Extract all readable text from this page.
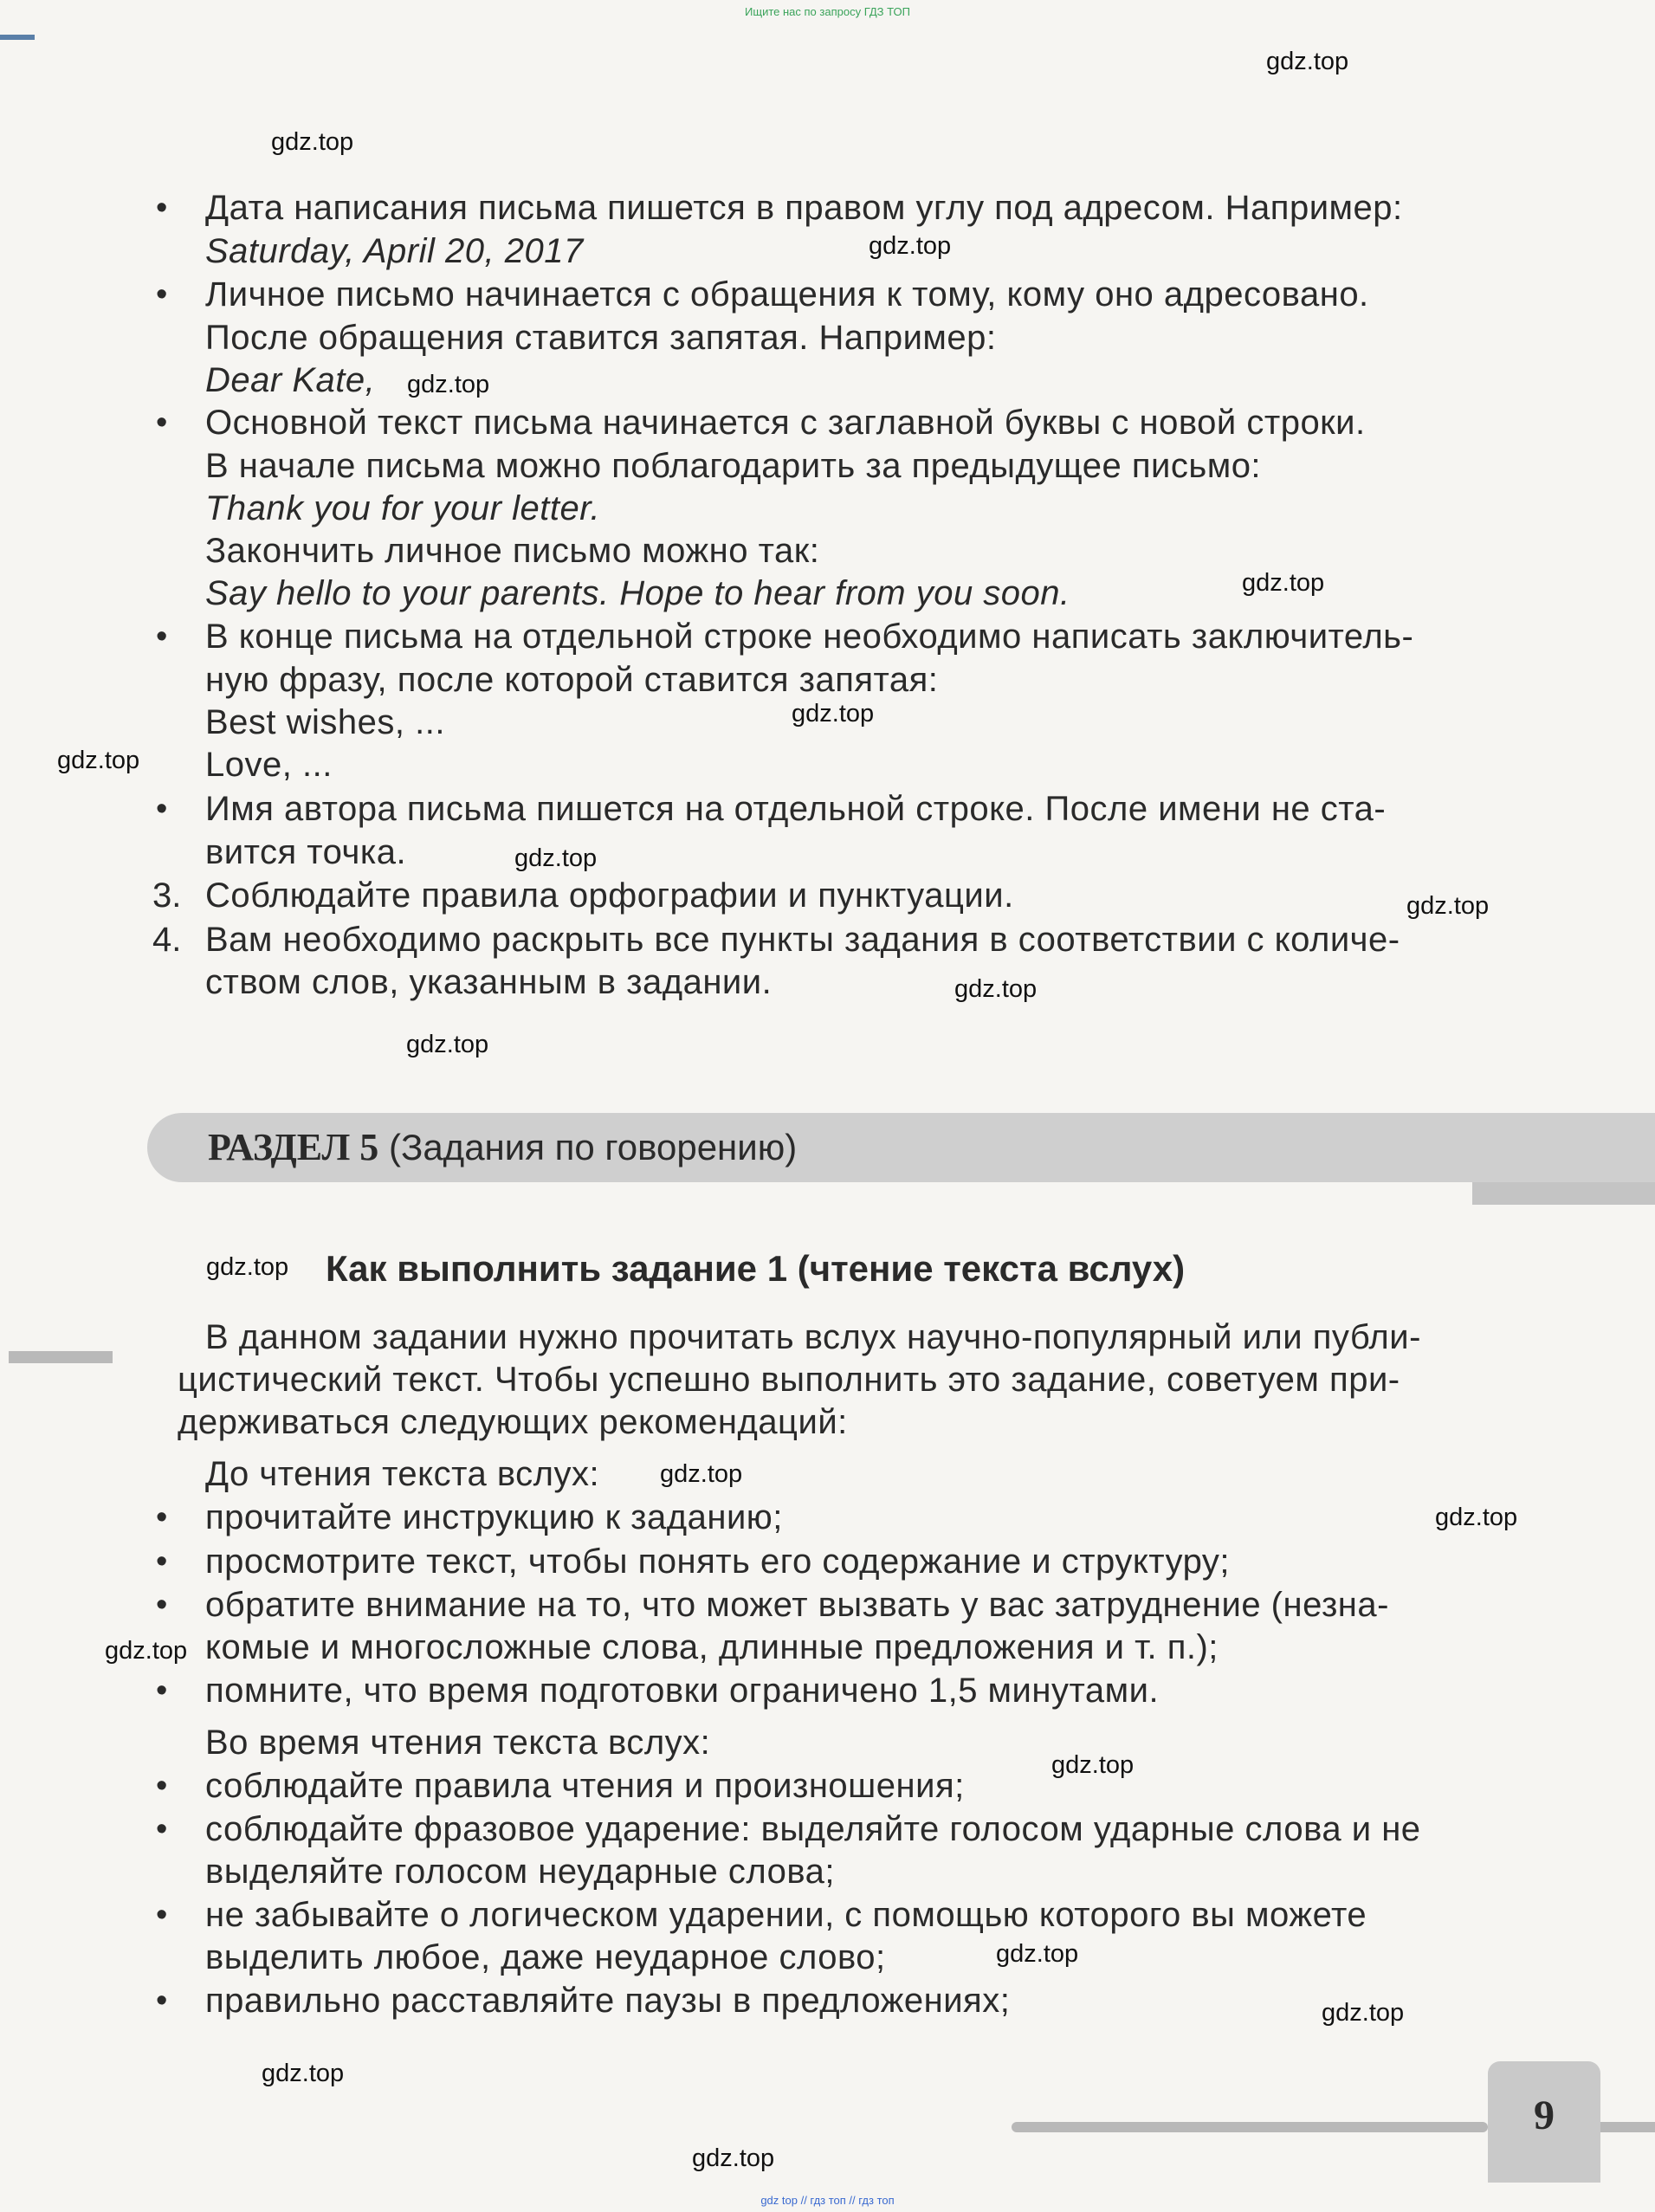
Ищите нас по запросу ГДЗ ТОП
gdz.top
gdz.top
gdz.top
gdz.top
gdz.top
gdz.top
gdz.top
gdz.top
gdz.top
gdz.top
gdz.top
gdz.top
gdz.top
gdz.top
gdz.top
gdz.top
gdz.top
gdz.top
gdz.top
gdz.top
• Дата написания письма пишется в правом углу под адресом. Например:
Saturday, April 20, 2017
• Личное письмо начинается с обращения к тому, кому оно адресовано.
После обращения ставится запятая. Например:
Dear Kate,
• Основной текст письма начинается с заглавной буквы с новой строки.
В начале письма можно поблагодарить за предыдущее письмо:
Thank you for your letter.
Закончить личное письмо можно так:
Say hello to your parents. Hope to hear from you soon.
• В конце письма на отдельной строке необходимо написать заключитель-
ную фразу, после которой ставится запятая:
Best wishes, ...
Love, ...
• Имя автора письма пишется на отдельной строке. После имени не ста-
вится точка.
3. Соблюдайте правила орфографии и пунктуации.
4. Вам необходимо раскрыть все пункты задания в соответствии с количе-
ством слов, указанным в задании.
РАЗДЕЛ 5 (Задания по говорению)
Как выполнить задание 1 (чтение текста вслух)
В данном задании нужно прочитать вслух научно-популярный или публи-
цистический текст. Чтобы успешно выполнить это задание, советуем при-
держиваться следующих рекомендаций:
До чтения текста вслух:
• прочитайте инструкцию к заданию;
• просмотрите текст, чтобы понять его содержание и структуру;
• обратите внимание на то, что может вызвать у вас затруднение (незна-
комые и многосложные слова, длинные предложения и т. п.);
• помните, что время подготовки ограничено 1,5 минутами.
Во время чтения текста вслух:
• соблюдайте правила чтения и произношения;
• соблюдайте фразовое ударение: выделяйте голосом ударные слова и не
выделяйте голосом неударные слова;
• не забывайте о логическом ударении, с помощью которого вы можете
выделить любое, даже неударное слово;
• правильно расставляйте паузы в предложениях;
9
gdz top // гдз топ // гдз топ
